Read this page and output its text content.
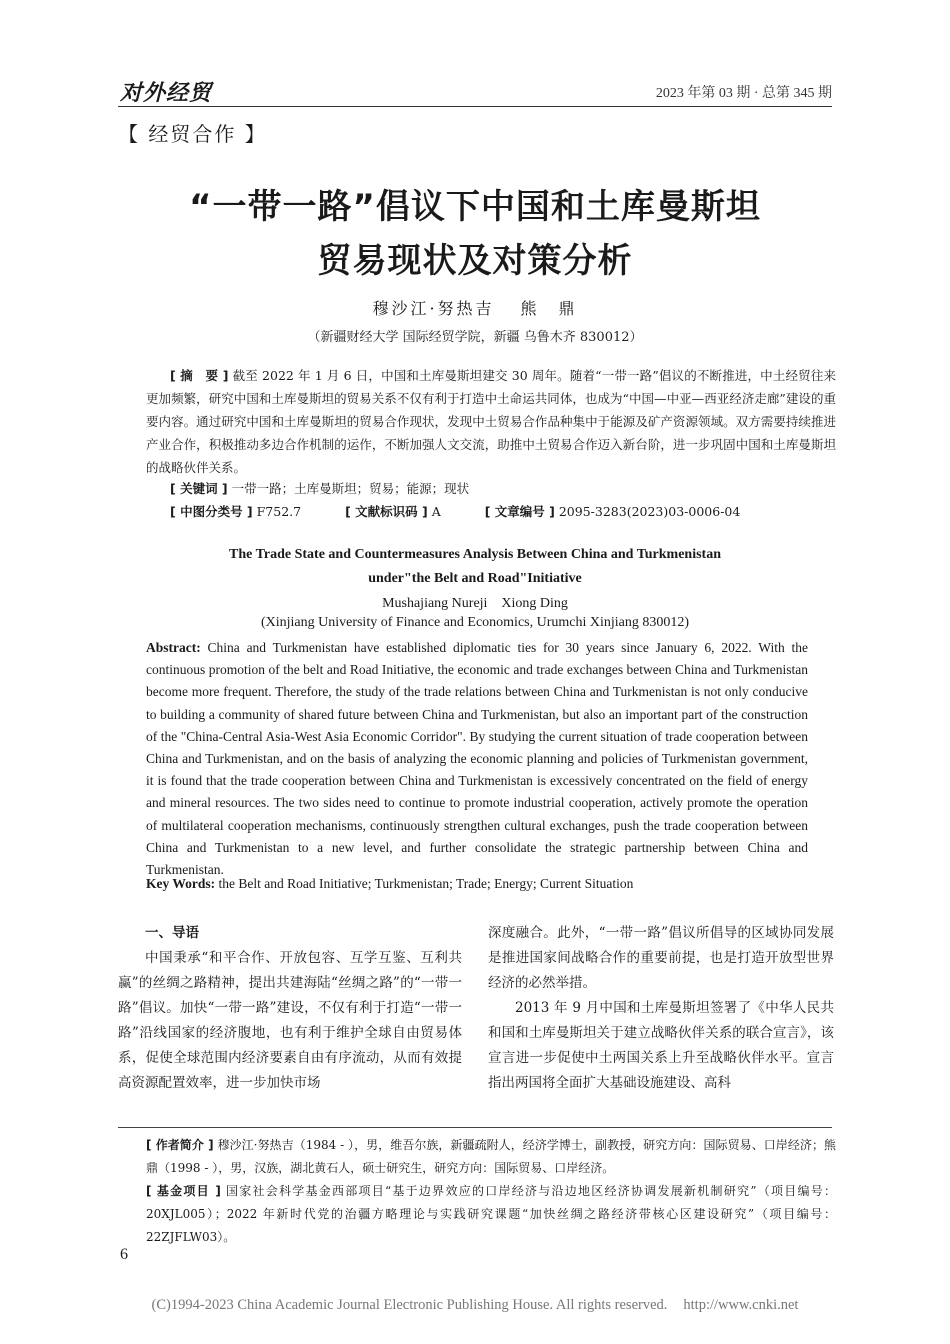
对外经贸	2023 年第 03 期 · 总第 345 期
【 经贸合作 】
“一带一路”倡议下中国和土库曼斯坦
贸易现状及对策分析
穆沙江·努热吉 熊　鼎
（新疆财经大学 国际经贸学院，新疆 乌鲁木齐 830012）
[ 摘　要 ] 截至 2022 年 1 月 6 日，中国和土库曼斯坦建交 30 周年。随着“一带一路”倡议的不断推进，中土经贸往来更加频繁，研究中国和土库曼斯坦的贸易关系不仅有利于打造中土命运共同体，也成为“中国—中亚—西亚经济走廊”建设的重要内容。通过研究中国和土库曼斯坦的贸易合作现状，发现中土贸易合作品种集中于能源及矿产资源领域。双方需要持续推进产业合作，积极推动多边合作机制的运作，不断加强人文交流，助推中土贸易合作迈入新台阶，进一步巩固中国和土库曼斯坦的战略伙伴关系。
[ 关键词 ] 一带一路；土库曼斯坦；贸易；能源；现状
[ 中图分类号 ] F752.7	[ 文献标识码 ] A	[ 文章编号 ] 2095-3283(2023)03-0006-04
The Trade State and Countermeasures Analysis Between China and Turkmenistan
under"the Belt and Road"Initiative
Mushajiang Nureji　Xiong Ding
(Xinjiang University of Finance and Economics, Urumchi Xinjiang 830012)
Abstract: China and Turkmenistan have established diplomatic ties for 30 years since January 6, 2022. With the continuous promotion of the belt and Road Initiative, the economic and trade exchanges between China and Turkmenistan become more frequent. Therefore, the study of the trade relations between China and Turkmenistan is not only conducive to building a community of shared future between China and Turkmenistan, but also an important part of the construction of the "China-Central Asia-West Asia Economic Corridor". By studying the current situation of trade cooperation between China and Turkmenistan, and on the basis of analyzing the economic planning and policies of Turkmenistan government, it is found that the trade cooperation between China and Turkmenistan is excessively concentrated on the field of energy and mineral resources. The two sides need to continue to promote industrial cooperation, actively promote the operation of multilateral cooperation mechanisms, continuously strengthen cultural exchanges, push the trade cooperation between China and Turkmenistan to a new level, and further consolidate the strategic partnership between China and Turkmenistan.
Key Words: the Belt and Road Initiative; Turkmenistan; Trade; Energy; Current Situation

一、导语

中国秉承“和平合作、开放包容、互学互鉴、互利共赢”的丝绸之路精神，提出共建海陆“丝绸之路”的“一带一路”倡议。加快“一带一路”建设，不仅有利于打造“一带一路”沿线国家的经济腹地，也有利于维护全球自由贸易体系，促使全球范围内经济要素自由有序流动，从而有效提高资源配置效率，进一步加快市场

深度融合。此外，“一带一路”倡议所倡导的区域协同发展是推进国家间战略合作的重要前提，也是打造开放型世界经济的必然举措。

2013 年 9 月中国和土库曼斯坦签署了《中华人民共和国和土库曼斯坦关于建立战略伙伴关系的联合宣言》，该宣言进一步促使中土两国关系上升至战略伙伴水平。宣言指出两国将全面扩大基础设施建设、高科

[ 作者简介 ] 穆沙江·努热吉（1984 - ），男，维吾尔族，新疆疏附人，经济学博士，副教授，研究方向：国际贸易、口岸经济；熊鼎（1998 - ），男，汉族，湖北黄石人，硕士研究生，研究方向：国际贸易、口岸经济。

[ 基金项目 ] 国家社会科学基金西部项目“基于边界效应的口岸经济与沿边地区经济协调发展新机制研究”（项目编号：20XJL005）；2022 年新时代党的治疆方略理论与实践研究课题“加快丝绸之路经济带核心区建设研究”（项目编号：22ZJFLW03）。

6
(C)1994-2023 China Academic Journal Electronic Publishing House. All rights reserved. http://www.cnki.net
